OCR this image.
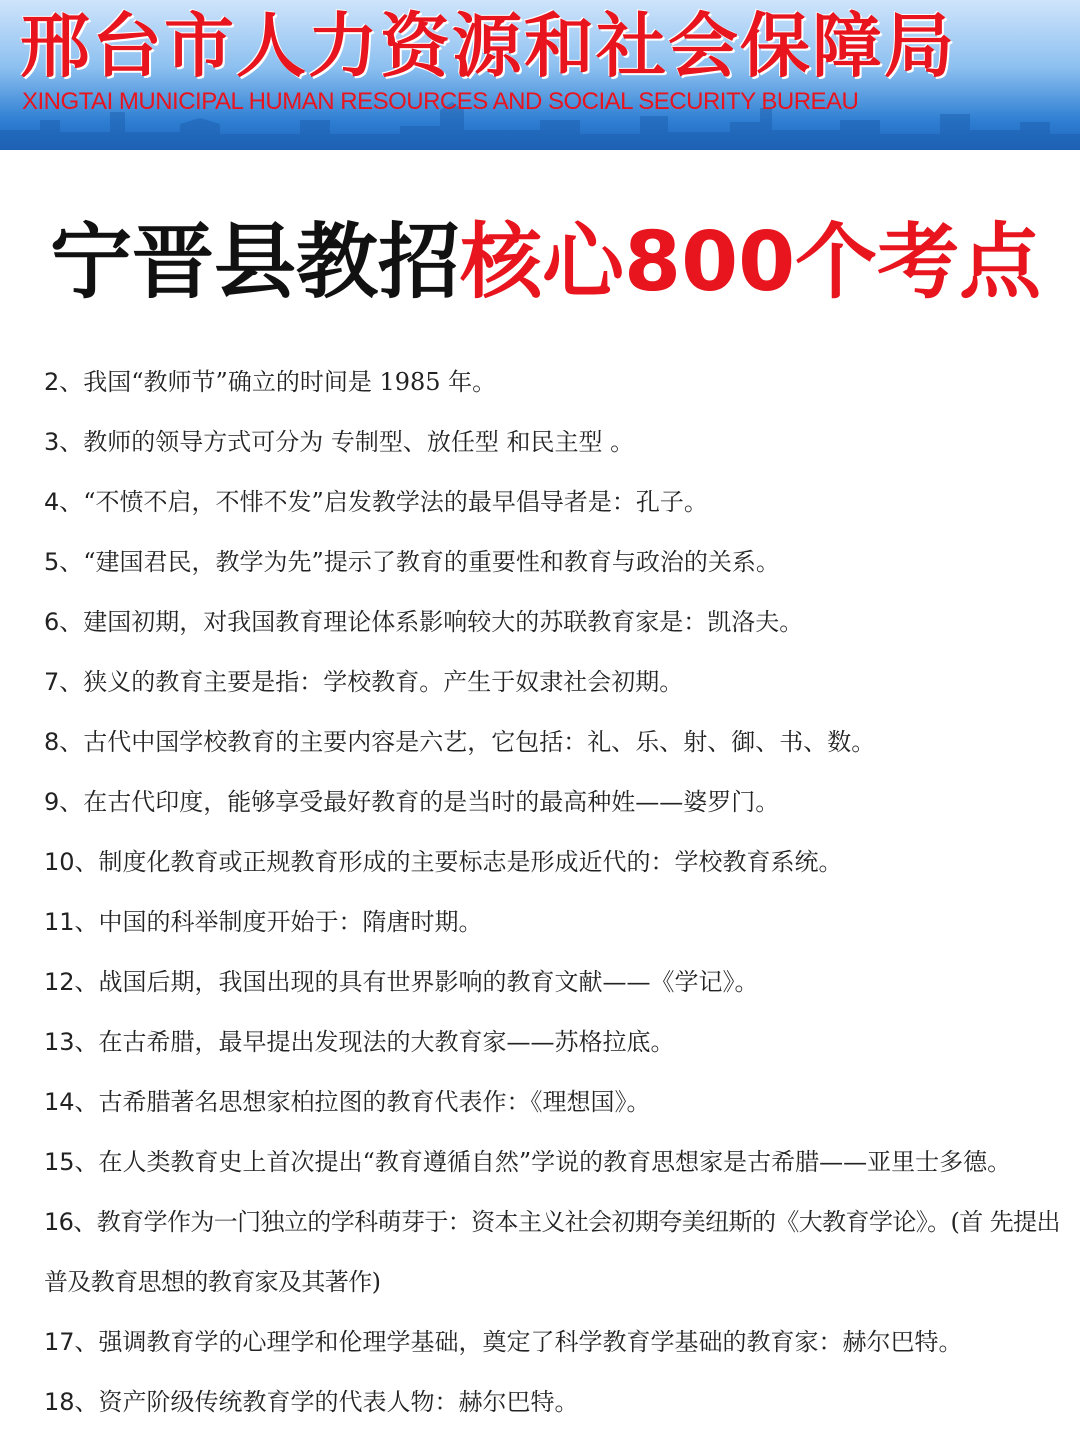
邢台市人力资源和社会保障局
XINGTAI MUNICIPAL HUMAN RESOURCES AND SOCIAL SECURITY BUREAU
宁晋县教招核心800个考点
2、我国“教师节”确立的时间是 1985 年。
3、教师的领导方式可分为 专制型、放任型 和民主型 。
4、“不愤不启，不悱不发”启发教学法的最早倡导者是：孔子。
5、“建国君民，教学为先”提示了教育的重要性和教育与政治的关系。
6、建国初期，对我国教育理论体系影响较大的苏联教育家是：凯洛夫。
7、狭义的教育主要是指：学校教育。产生于奴隶社会初期。
8、古代中国学校教育的主要内容是六艺，它包括：礼、乐、射、御、书、数。
9、在古代印度，能够享受最好教育的是当时的最高种姓——婆罗门。
10、制度化教育或正规教育形成的主要标志是形成近代的：学校教育系统。
11、中国的科举制度开始于：隋唐时期。
12、战国后期，我国出现的具有世界影响的教育文献——《学记》。
13、在古希腊，最早提出发现法的大教育家——苏格拉底。
14、古希腊著名思想家柏拉图的教育代表作：《理想国》。
15、在人类教育史上首次提出“教育遵循自然”学说的教育思想家是古希腊——亚里士多德。
16、教育学作为一门独立的学科萌芽于：资本主义社会初期夸美纽斯的《大教育学论》。(首 先提出普及教育思想的教育家及其著作)
17、强调教育学的心理学和伦理学基础，奠定了科学教育学基础的教育家：赫尔巴特。
18、资产阶级传统教育学的代表人物：赫尔巴特。
